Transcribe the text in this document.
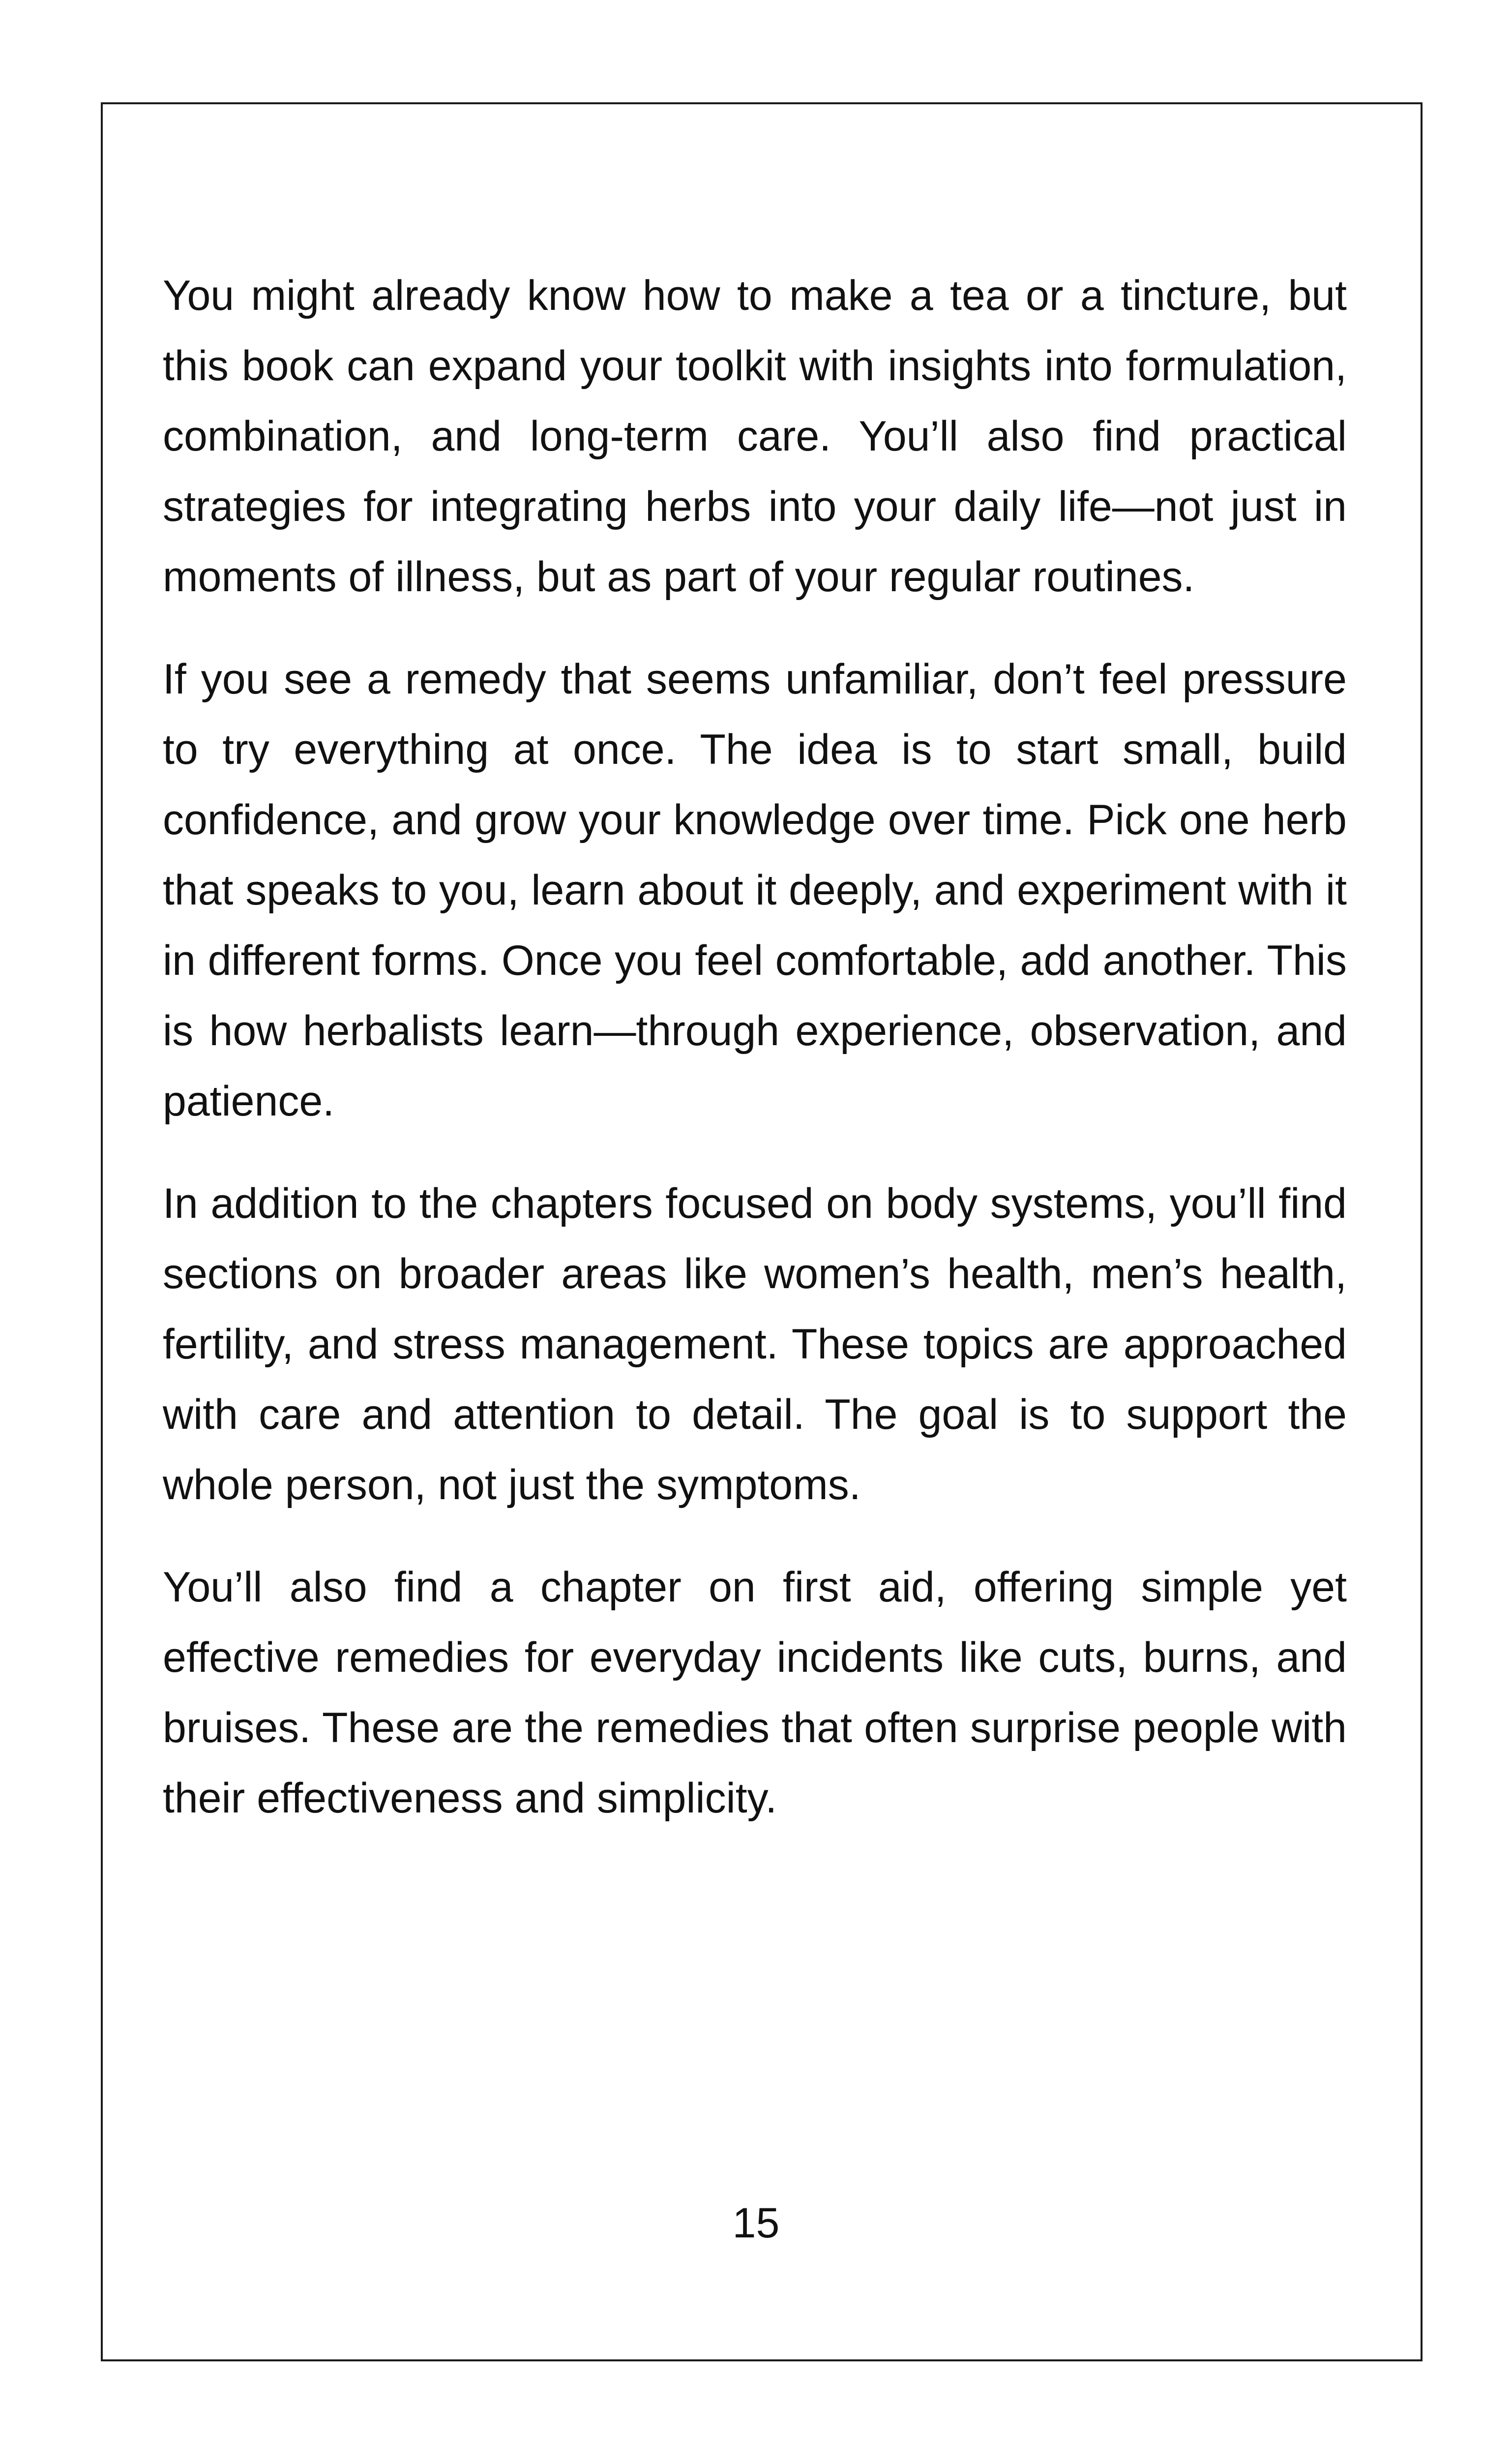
You might already know how to make a tea or a tincture, but this book can expand your toolkit with insights into formulation, combination, and long-term care. You’ll also find practical strategies for integrating herbs into your daily life—not just in moments of illness, but as part of your regular routines.

If you see a remedy that seems unfamiliar, don’t feel pressure to try everything at once. The idea is to start small, build confidence, and grow your knowledge over time. Pick one herb that speaks to you, learn about it deeply, and experiment with it in different forms. Once you feel comfortable, add another. This is how herbalists learn—through experience, observation, and patience.

In addition to the chapters focused on body systems, you’ll find sections on broader areas like women’s health, men’s health, fertility, and stress management. These topics are approached with care and attention to detail. The goal is to support the whole person, not just the symptoms.

You’ll also find a chapter on first aid, offering simple yet effective remedies for everyday incidents like cuts, burns, and bruises. These are the remedies that often surprise people with their effectiveness and simplicity.

15
